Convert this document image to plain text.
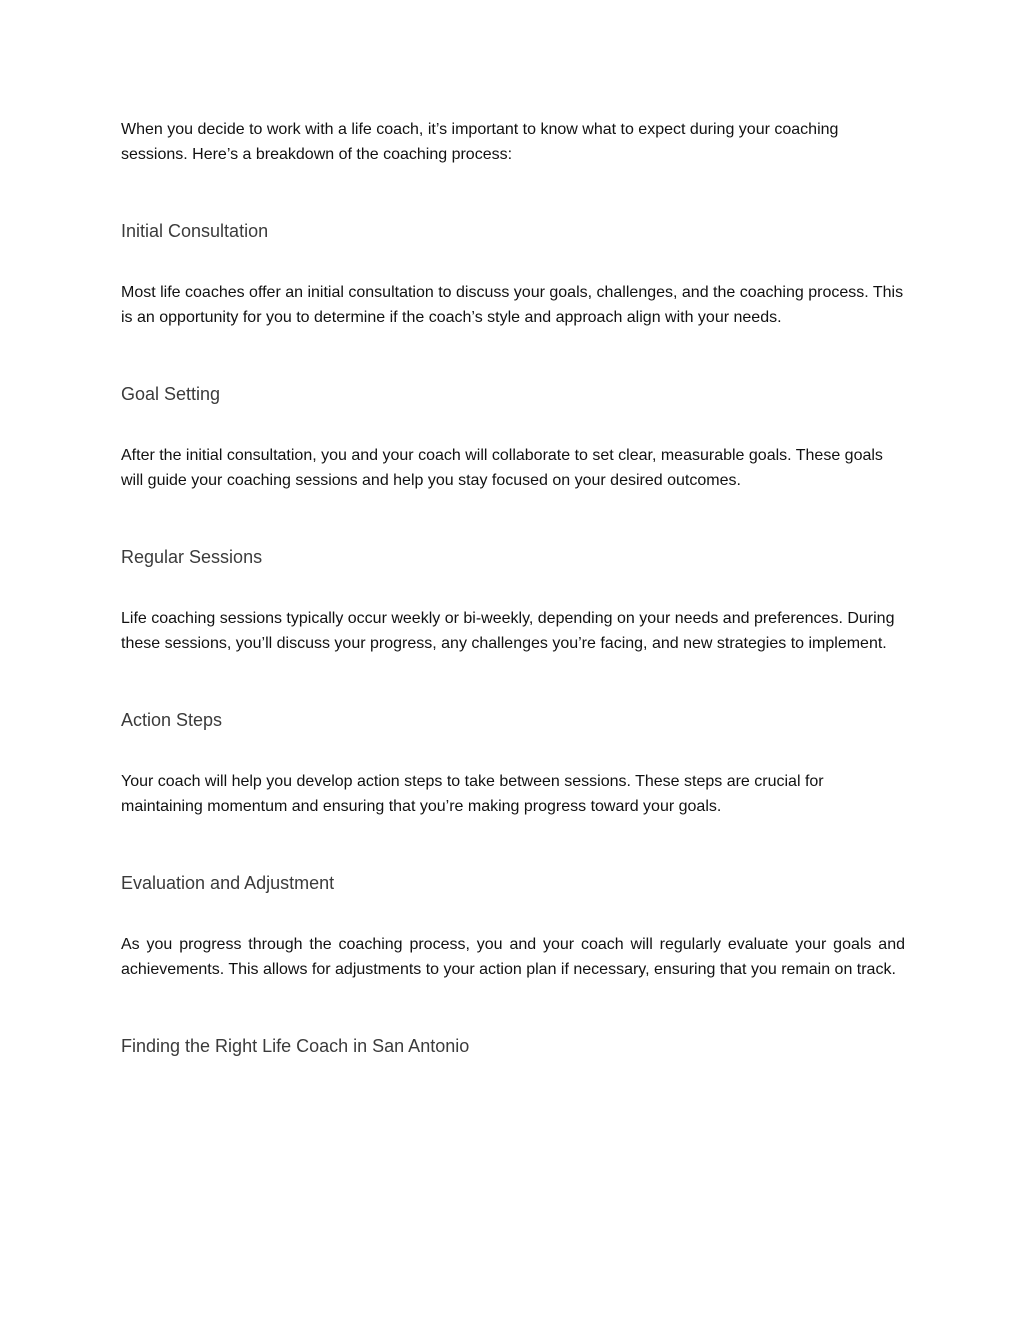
When you decide to work with a life coach, it’s important to know what to expect during your coaching sessions. Here’s a breakdown of the coaching process:

Initial Consultation

Most life coaches offer an initial consultation to discuss your goals, challenges, and the coaching process. This is an opportunity for you to determine if the coach’s style and approach align with your needs.

Goal Setting

After the initial consultation, you and your coach will collaborate to set clear, measurable goals. These goals will guide your coaching sessions and help you stay focused on your desired outcomes.

Regular Sessions

Life coaching sessions typically occur weekly or bi-weekly, depending on your needs and preferences. During these sessions, you’ll discuss your progress, any challenges you’re facing, and new strategies to implement.

Action Steps

Your coach will help you develop action steps to take between sessions. These steps are crucial for maintaining momentum and ensuring that you’re making progress toward your goals.

Evaluation and Adjustment

As you progress through the coaching process, you and your coach will regularly evaluate your goals and achievements. This allows for adjustments to your action plan if necessary, ensuring that you remain on track.

Finding the Right Life Coach in San Antonio
